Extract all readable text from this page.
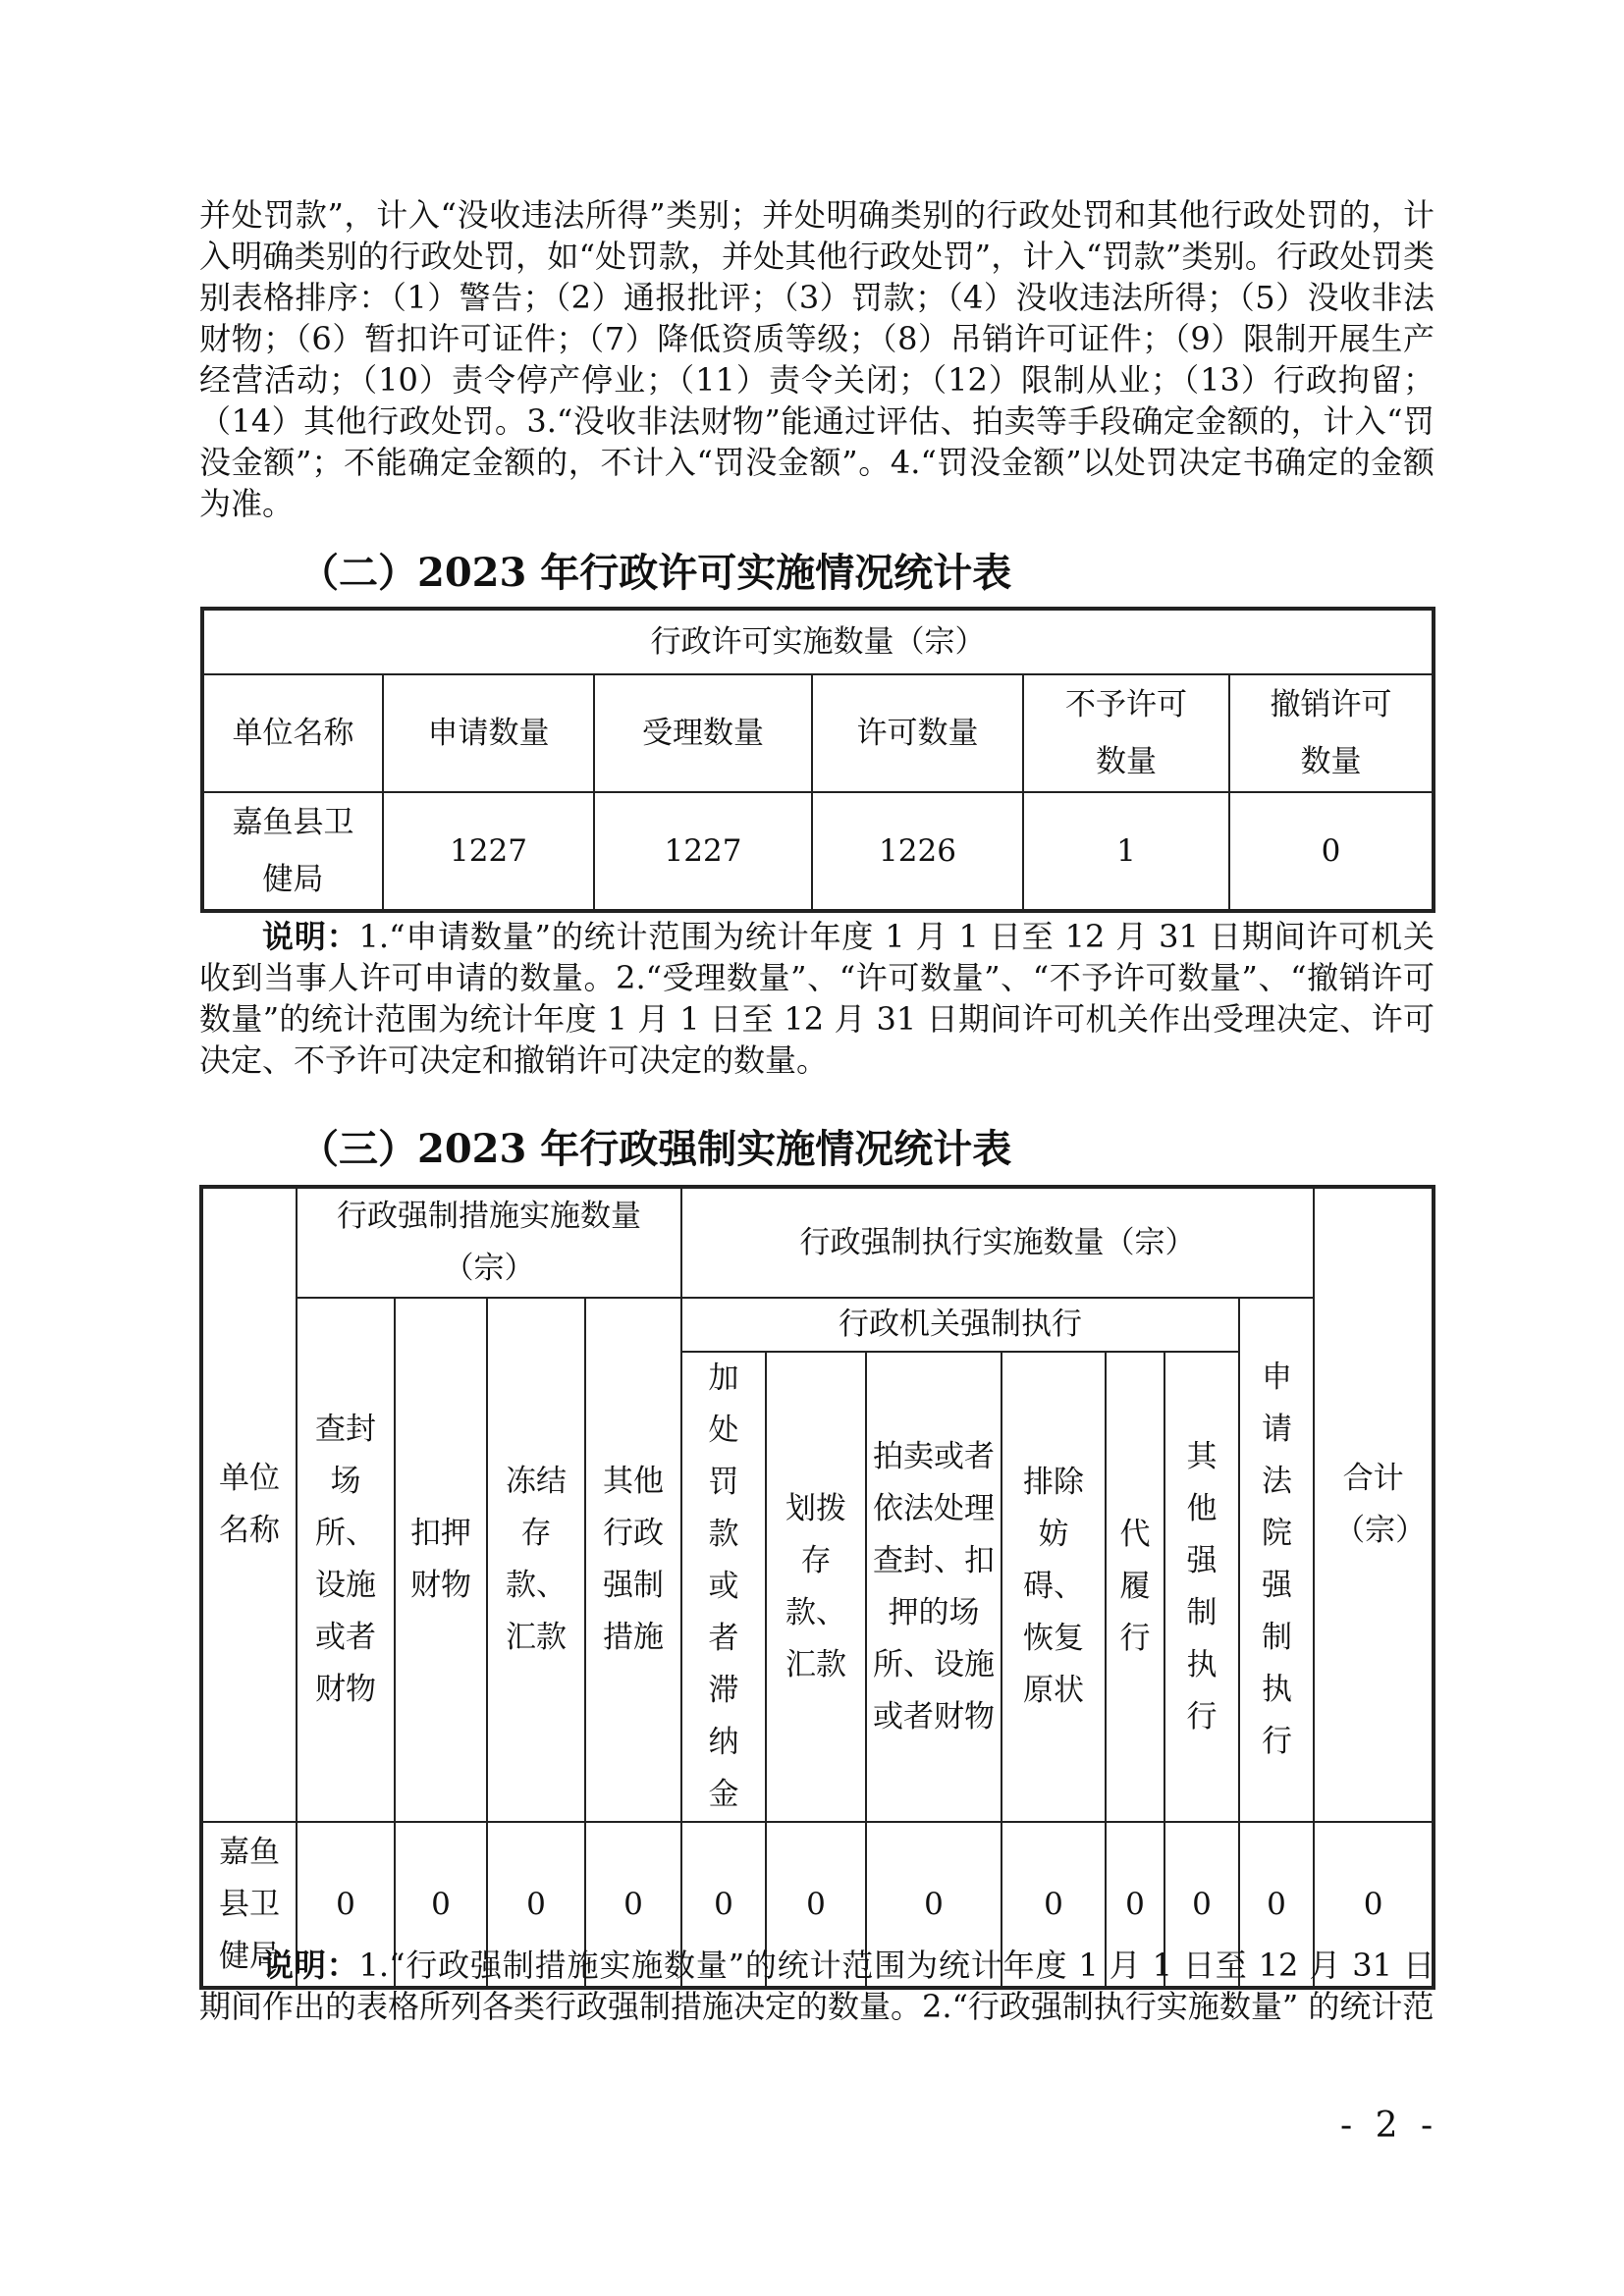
并处罚款”，计入“没收违法所得”类别；并处明确类别的行政处罚和其他行政处罚的，计入明确类别的行政处罚，如“处罚款，并处其他行政处罚”，计入“罚款”类别。行政处罚类别表格排序：（1）警告；（2）通报批评；（3）罚款；（4）没收违法所得；（5）没收非法财物；（6）暂扣许可证件；（7）降低资质等级；（8）吊销许可证件；（9）限制开展生产经营活动；（10）责令停产停业；（11）责令关闭；（12）限制从业；（13）行政拘留；（14）其他行政处罚。3.“没收非法财物”能通过评估、拍卖等手段确定金额的，计入“罚没金额”；不能确定金额的，不计入“罚没金额”。4.“罚没金额”以处罚决定书确定的金额为准。

（二）2023 年行政许可实施情况统计表
行政许可实施数量（宗）					
单位名称	申请数量	受理数量	许可数量	不予许可数量	撤销许可数量
嘉鱼县卫健局	1227	1227	1226	1	0

说明：1.“申请数量”的统计范围为统计年度 1 月 1 日至 12 月 31 日期间许可机关收到当事人许可申请的数量。2.“受理数量”、“许可数量”、“不予许可数量”、“撤销许可数量”的统计范围为统计年度 1 月 1 日至 12 月 31 日期间许可机关作出受理决定、许可决定、不予许可决定和撤销许可决定的数量。

（三）2023 年行政强制实施情况统计表
单位名称	行政强制措施实施数量（宗）				行政强制执行实施数量（宗）							合计（宗）
	查封场所、设施或者财物	扣押财物	冻结存款、汇款	其他行政强制措施	行政机关强制执行						申请法院强制执行	
					加处罚款或者滞纳金	划拨存款、汇款	拍卖或者依法处理查封、扣押的场所、设施或者财物	排除妨碍、恢复原状	代履行	其他强制执行		
嘉鱼县卫健局	0	0	0	0	0	0	0	0	0	0	0	0

说明：1.“行政强制措施实施数量”的统计范围为统计年度 1 月 1 日至 12 月 31 日期间作出的表格所列各类行政强制措施决定的数量。2.“行政强制执行实施数量” 的统计范

- 2 -
